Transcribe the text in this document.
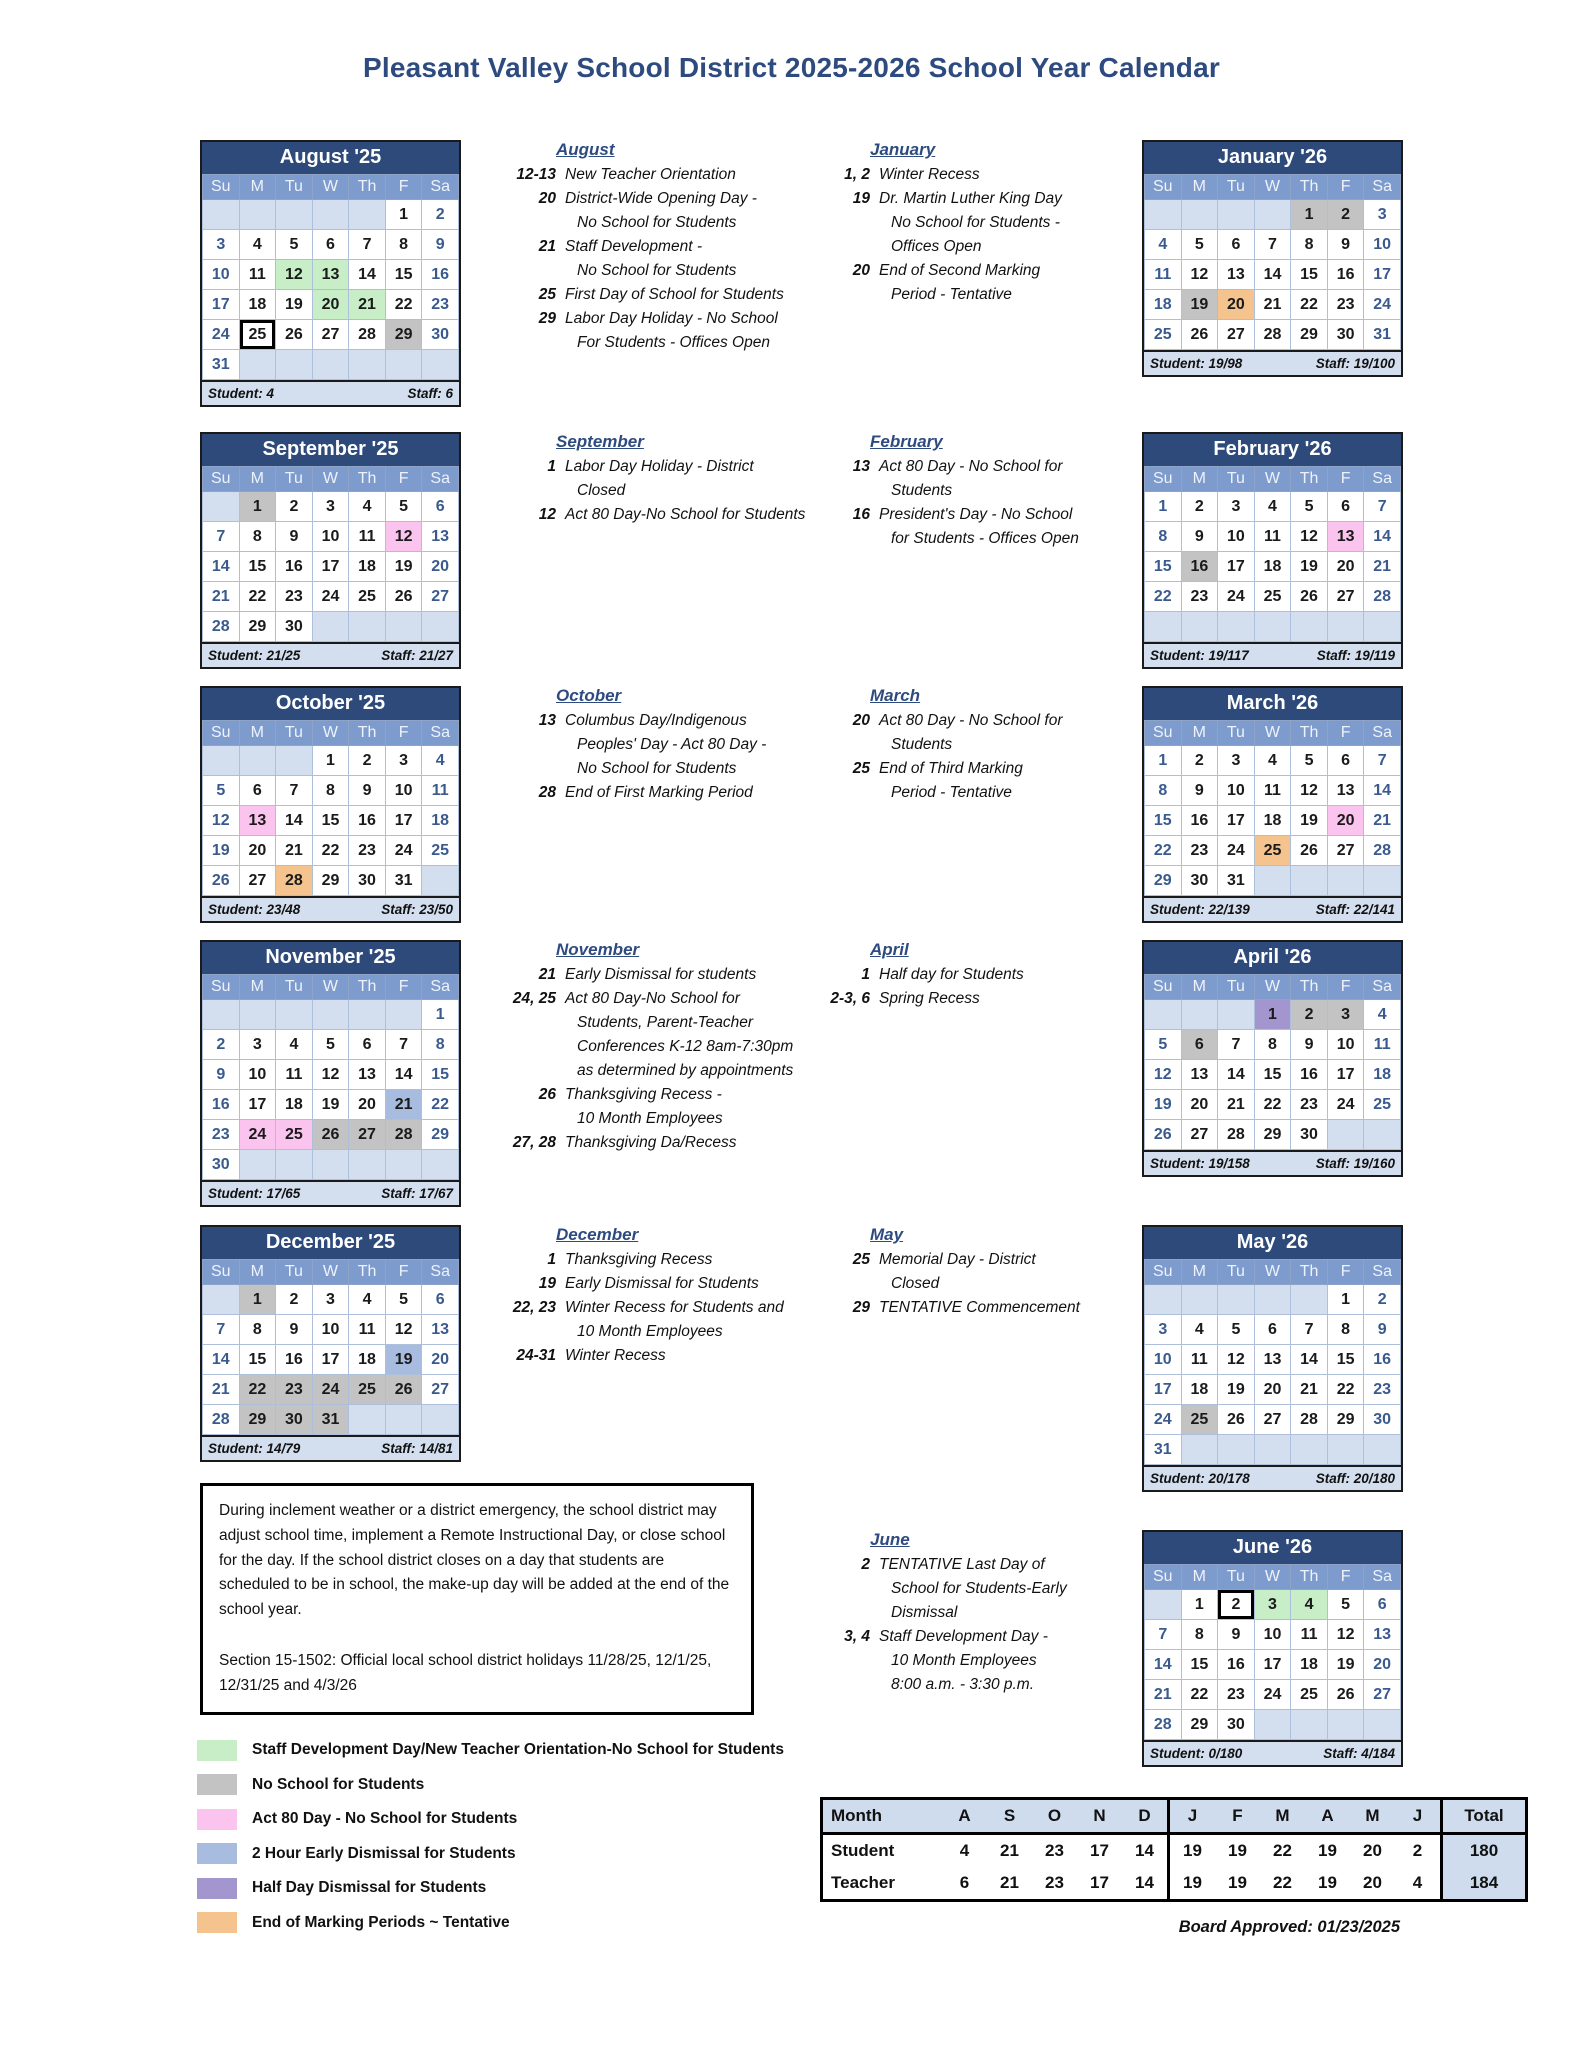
Pleasant Valley School District 2025-2026 School Year Calendar
August '25
Su	M	Tu	W	Th	F	Sa
					1	2
3	4	5	6	7	8	9
10	11	12	13	14	15	16
17	18	19	20	21	22	23
24	25	26	27	28	29	30
31						
Student: 4	Staff: 6
September '25
Su	M	Tu	W	Th	F	Sa
	1	2	3	4	5	6
7	8	9	10	11	12	13
14	15	16	17	18	19	20
21	22	23	24	25	26	27
28	29	30				
Student: 21/25	Staff: 21/27
October '25
Su	M	Tu	W	Th	F	Sa
			1	2	3	4
5	6	7	8	9	10	11
12	13	14	15	16	17	18
19	20	21	22	23	24	25
26	27	28	29	30	31	
Student: 23/48	Staff: 23/50
November '25
Su	M	Tu	W	Th	F	Sa
						1
2	3	4	5	6	7	8
9	10	11	12	13	14	15
16	17	18	19	20	21	22
23	24	25	26	27	28	29
30						
Student: 17/65	Staff: 17/67
December '25
Su	M	Tu	W	Th	F	Sa
	1	2	3	4	5	6
7	8	9	10	11	12	13
14	15	16	17	18	19	20
21	22	23	24	25	26	27
28	29	30	31			
Student: 14/79	Staff: 14/81
January '26
Su	M	Tu	W	Th	F	Sa
				1	2	3
4	5	6	7	8	9	10
11	12	13	14	15	16	17
18	19	20	21	22	23	24
25	26	27	28	29	30	31
Student: 19/98	Staff: 19/100
February '26
Su	M	Tu	W	Th	F	Sa
1	2	3	4	5	6	7
8	9	10	11	12	13	14
15	16	17	18	19	20	21
22	23	24	25	26	27	28

Student: 19/117	Staff: 19/119
March '26
Su	M	Tu	W	Th	F	Sa
1	2	3	4	5	6	7
8	9	10	11	12	13	14
15	16	17	18	19	20	21
22	23	24	25	26	27	28
29	30	31				
Student: 22/139	Staff: 22/141
April '26
Su	M	Tu	W	Th	F	Sa
			1	2	3	4
5	6	7	8	9	10	11
12	13	14	15	16	17	18
19	20	21	22	23	24	25
26	27	28	29	30		
Student: 19/158	Staff: 19/160
May '26
Su	M	Tu	W	Th	F	Sa
					1	2
3	4	5	6	7	8	9
10	11	12	13	14	15	16
17	18	19	20	21	22	23
24	25	26	27	28	29	30
31						
Student: 20/178	Staff: 20/180
June '26
Su	M	Tu	W	Th	F	Sa
	1	2	3	4	5	6
7	8	9	10	11	12	13
14	15	16	17	18	19	20
21	22	23	24	25	26	27
28	29	30				
Student: 0/180	Staff: 4/184
August
12-13 New Teacher Orientation
20 District-Wide Opening Day -
No School for Students
21 Staff Development -
No School for Students
25 First Day of School for Students
29 Labor Day Holiday - No School
For Students - Offices Open
September
1 Labor Day Holiday - District
Closed
12 Act 80 Day-No School for Students
October
13 Columbus Day/Indigenous
Peoples' Day - Act 80 Day -
No School for Students
28 End of First Marking Period
November
21 Early Dismissal for students
24, 25 Act 80 Day-No School for
Students, Parent-Teacher
Conferences K-12 8am-7:30pm
as determined by appointments
26 Thanksgiving Recess -
10 Month Employees
27, 28 Thanksgiving Da/Recess
December
1 Thanksgiving Recess
19 Early Dismissal for Students
22, 23 Winter Recess for Students and
10 Month Employees
24-31 Winter Recess
January
1, 2 Winter Recess
19 Dr. Martin Luther King Day
No School for Students -
Offices Open
20 End of Second Marking
Period - Tentative
February
13 Act 80 Day - No School for
Students
16 President's Day - No School
for Students - Offices Open
March
20 Act 80 Day - No School for
Students
25 End of Third Marking
Period - Tentative
April
1 Half day for Students
2-3, 6 Spring Recess
May
25 Memorial Day - District
Closed
29 TENTATIVE Commencement
June
2 TENTATIVE Last Day of
School for Students-Early
Dismissal
3, 4 Staff Development Day -
10 Month Employees
8:00 a.m. - 3:30 p.m.

During inclement weather or a district emergency, the school district may adjust school time, implement a Remote Instructional Day, or close school for the day. If the school district closes on a day that students are scheduled to be in school, the make-up day will be added at the end of the school year.

Section 15-1502: Official local school district holidays 11/28/25, 12/1/25, 12/31/25 and 4/3/26

Staff Development Day/New Teacher Orientation-No School for Students
No School for Students
Act 80 Day - No School for Students
2 Hour Early Dismissal for Students
Half Day Dismissal for Students
End of Marking Periods ~ Tentative
Month	A	S	O	N	D	J	F	M	A	M	J	Total
Student	4	21	23	17	14	19	19	22	19	20	2	180
Teacher	6	21	23	17	14	19	19	22	19	20	4	184
Board Approved: 01/23/2025
